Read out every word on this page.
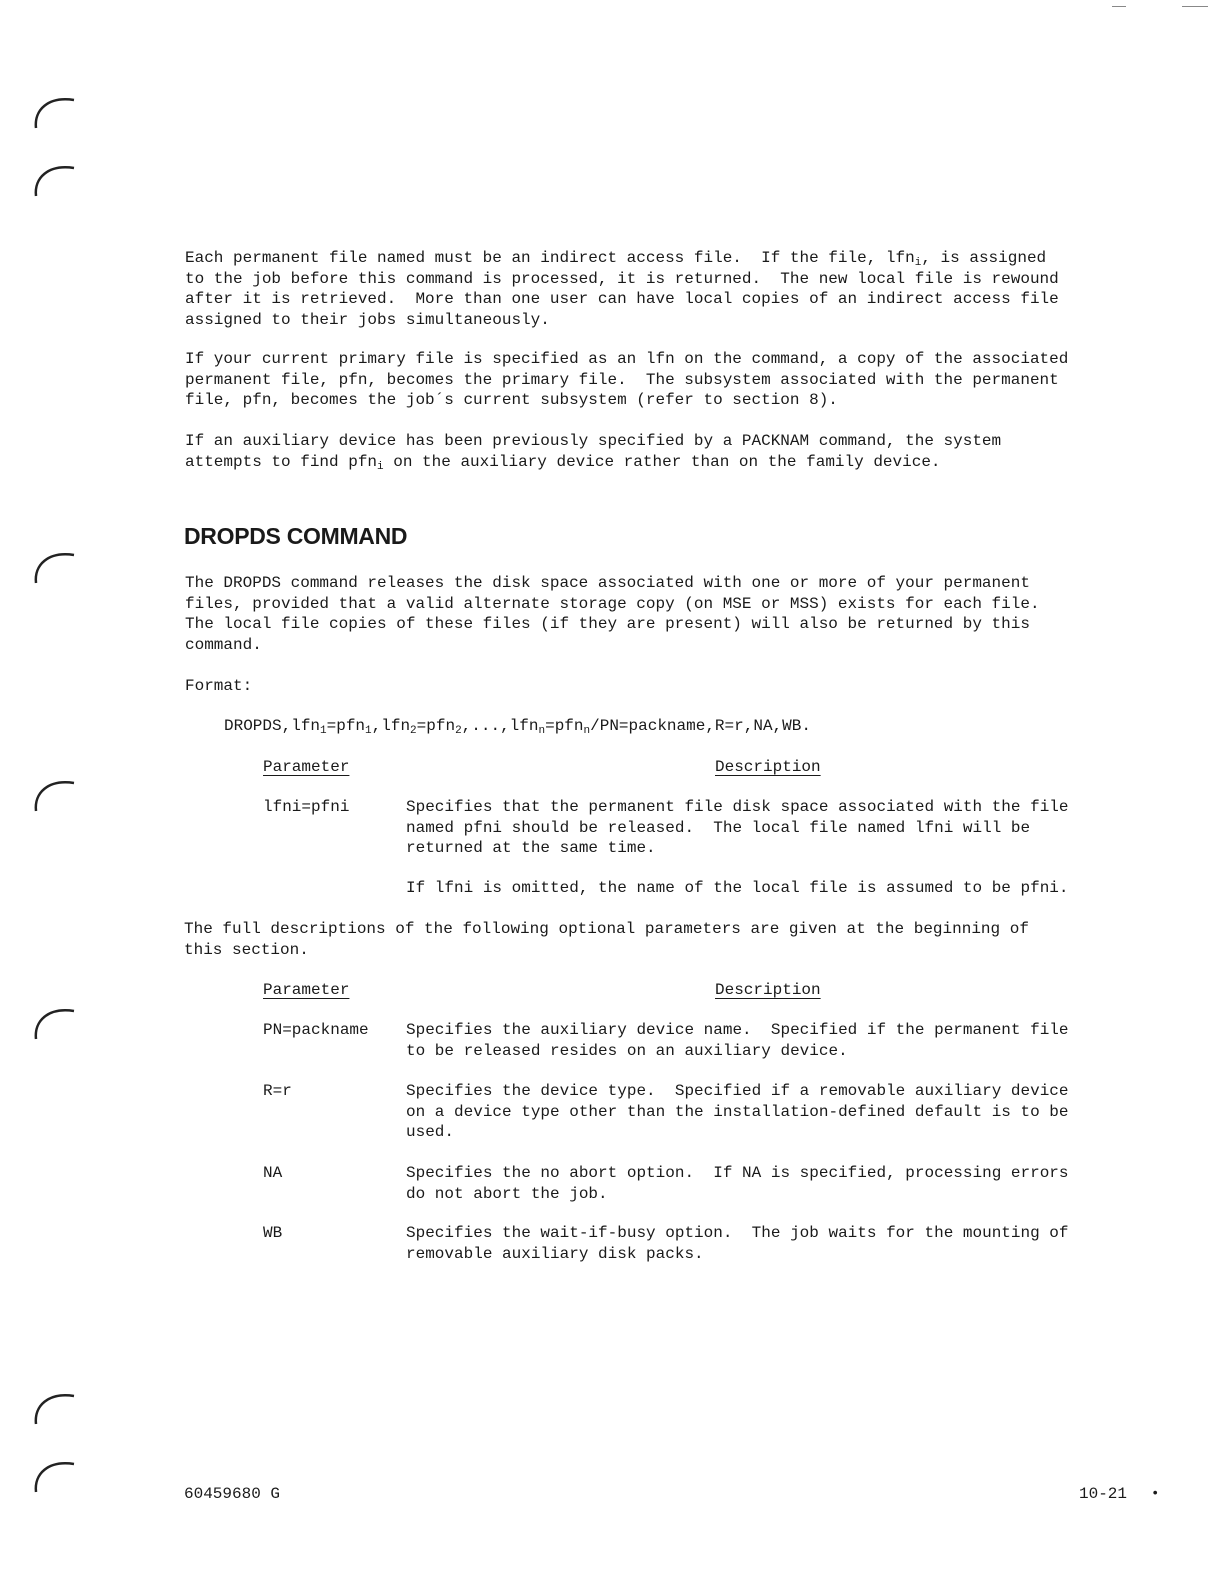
Each permanent file named must be an indirect access file.  If the file, lfn$_i$, is assigned
to the job before this command is processed, it is returned.  The new local file is rewound
after it is retrieved.  More than one user can have local copies of an indirect access file
assigned to their jobs simultaneously.
If your current primary file is specified as an lfn on the command, a copy of the associated
permanent file, pfn, becomes the primary file.  The subsystem associated with the permanent
file, pfn, becomes the job´s current subsystem (refer to section 8).
If an auxiliary device has been previously specified by a PACKNAM command, the system
attempts to find pfn$_i$ on the auxiliary device rather than on the family device.
DROPDS COMMAND
The DROPDS command releases the disk space associated with one or more of your permanent
files, provided that a valid alternate storage copy (on MSE or MSS) exists for each file.
The local file copies of these files (if they are present) will also be returned by this
command.
Format:
DROPDS,lfn$_1$=pfn$_1$,lfn$_2$=pfn$_2$,...,lfn$_n$=pfn$_n$/PN=packname,R=r,NA,WB.
Parameter	Description
lfni=pfni	Specifies that the permanent file disk space associated with the file
named pfni should be released.  The local file named lfni will be
returned at the same time.
If lfni is omitted, the name of the local file is assumed to be pfni.
The full descriptions of the following optional parameters are given at the beginning of
this section.
Parameter	Description
PN=packname Specifies the auxiliary device name.  Specified if the permanent file
to be released resides on an auxiliary device.
R=r	Specifies the device type.  Specified if a removable auxiliary device
on a device type other than the installation-defined default is to be
used.
NA	Specifies the no abort option.  If NA is specified, processing errors
do not abort the job.
WB	Specifies the wait-if-busy option.  The job waits for the mounting of
removable auxiliary disk packs.
60459680 G	10-21 •
